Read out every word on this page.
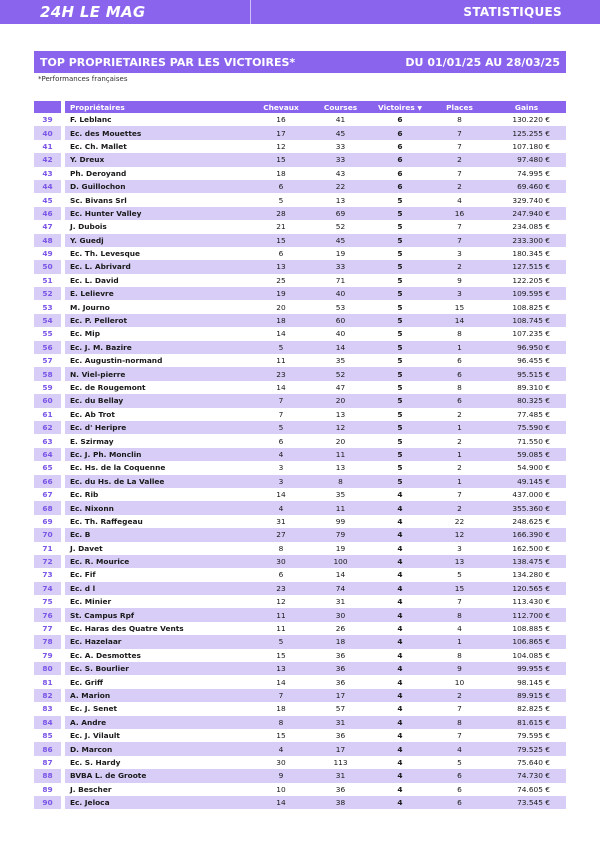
24H LE MAG	STATISTIQUES
TOP PROPRIETAIRES PAR LES VICTOIRES*	DU 01/01/25 AU 28/03/25
*Performances françaises
		Propriétaires	Chevaux	Courses	Victoires ▼	Places	Gains
39		F. Leblanc	16	41	6	8	130.220 €
40		Ec. des Mouettes	17	45	6	7	125.255 €
41		Ec. Ch. Mallet	12	33	6	7	107.180 €
42		Y. Dreux	15	33	6	2	97.480 €
43		Ph. Deroyand	18	43	6	7	74.995 €
44		D. Guillochon	6	22	6	2	69.460 €
45		Sc. Bivans Srl	5	13	5	4	329.740 €
46		Ec. Hunter Valley	28	69	5	16	247.940 €
47		J. Dubois	21	52	5	7	234.085 €
48		Y. Guedj	15	45	5	7	233.300 €
49		Ec. Th. Levesque	6	19	5	3	180.345 €
50		Ec. L. Abrivard	13	33	5	2	127.515 €
51		Ec. L. David	25	71	5	9	122.205 €
52		E. Lelievre	19	40	5	3	109.595 €
53		M. Journo	20	53	5	15	108.825 €
54		Ec. P. Pellerot	18	60	5	14	108.745 €
55		Ec. Mip	14	40	5	8	107.235 €
56		Ec. J. M. Bazire	5	14	5	1	96.950 €
57		Ec. Augustin-normand	11	35	5	6	96.455 €
58		N. Viel-pierre	23	52	5	6	95.515 €
59		Ec. de Rougemont	14	47	5	8	89.310 €
60		Ec. du Bellay	7	20	5	6	80.325 €
61		Ec. Ab Trot	7	13	5	2	77.485 €
62		Ec. d' Heripre	5	12	5	1	75.590 €
63		E. Szirmay	6	20	5	2	71.550 €
64		Ec. J. Ph. Monclin	4	11	5	1	59.085 €
65		Ec. Hs. de la Coquenne	3	13	5	2	54.900 €
66		Ec. du Hs. de La Vallee	3	8	5	1	49.145 €
67		Ec. Rib	14	35	4	7	437.000 €
68		Ec. Nixonn	4	11	4	2	355.360 €
69		Ec. Th. Raffegeau	31	99	4	22	248.625 €
70		Ec. B	27	79	4	12	166.390 €
71		J. Davet	8	19	4	3	162.500 €
72		Ec. R. Mourice	30	100	4	13	138.475 €
73		Ec. Fif	6	14	4	5	134.280 €
74		Ec. d l	23	74	4	15	120.565 €
75		Ec. Minier	12	31	4	7	113.430 €
76		St. Campus Rpf	11	30	4	8	112.700 €
77		Ec. Haras des Quatre Vents	11	26	4	4	108.885 €
78		Ec. Hazelaar	5	18	4	1	106.865 €
79		Ec. A. Desmottes	15	36	4	8	104.085 €
80		Ec. S. Bourlier	13	36	4	9	99.955 €
81		Ec. Griff	14	36	4	10	98.145 €
82		A. Marion	7	17	4	2	89.915 €
83		Ec. J. Senet	18	57	4	7	82.825 €
84		A. Andre	8	31	4	8	81.615 €
85		Ec. J. Vilault	15	36	4	7	79.595 €
86		D. Marcon	4	17	4	4	79.525 €
87		Ec. S. Hardy	30	113	4	5	75.640 €
88		BVBA L. de Groote	9	31	4	6	74.730 €
89		J. Bescher	10	36	4	6	74.605 €
90		Ec. Jeloca	14	38	4	6	73.545 €
